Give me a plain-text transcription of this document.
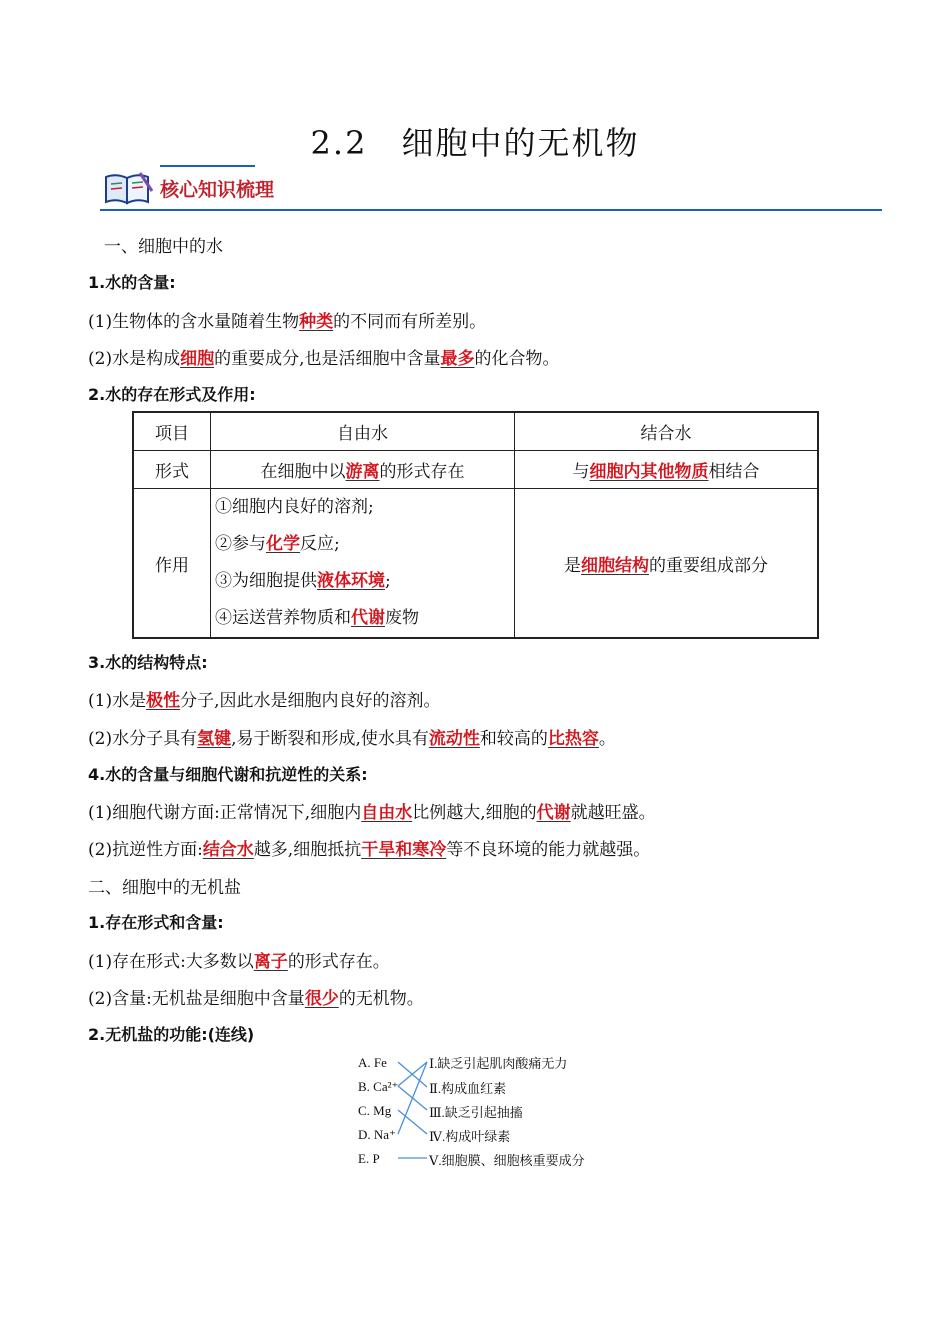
2.2　细胞中的无机物
核心知识梳理
一、细胞中的水
1.水的含量:
(1)生物体的含水量随着生物种类的不同而有所差别。
(2)水是构成细胞的重要成分,也是活细胞中含量最多的化合物。
2.水的存在形式及作用:
项目	自由水	结合水
形式	在细胞中以游离的形式存在	与细胞内其他物质相结合
作用	①细胞内良好的溶剂;
②参与化学反应;
③为细胞提供液体环境;
④运送营养物质和代谢废物	是细胞结构的重要组成部分
3.水的结构特点:
(1)水是极性分子,因此水是细胞内良好的溶剂。
(2)水分子具有氢键,易于断裂和形成,使水具有流动性和较高的比热容。
4.水的含量与细胞代谢和抗逆性的关系:
(1)细胞代谢方面:正常情况下,细胞内自由水比例越大,细胞的代谢就越旺盛。
(2)抗逆性方面:结合水越多,细胞抵抗干旱和寒冷等不良环境的能力就越强。
二、细胞中的无机盐
1.存在形式和含量:
(1)存在形式:大多数以离子的形式存在。
(2)含量:无机盐是细胞中含量很少的无机物。
2.无机盐的功能:(连线)
A. Fe
B. Ca²⁺
C. Mg
D. Na⁺
E. P
Ⅰ.缺乏引起肌肉酸痛无力
Ⅱ.构成血红素
Ⅲ.缺乏引起抽搐
Ⅳ.构成叶绿素
Ⅴ.细胞膜、细胞核重要成分
